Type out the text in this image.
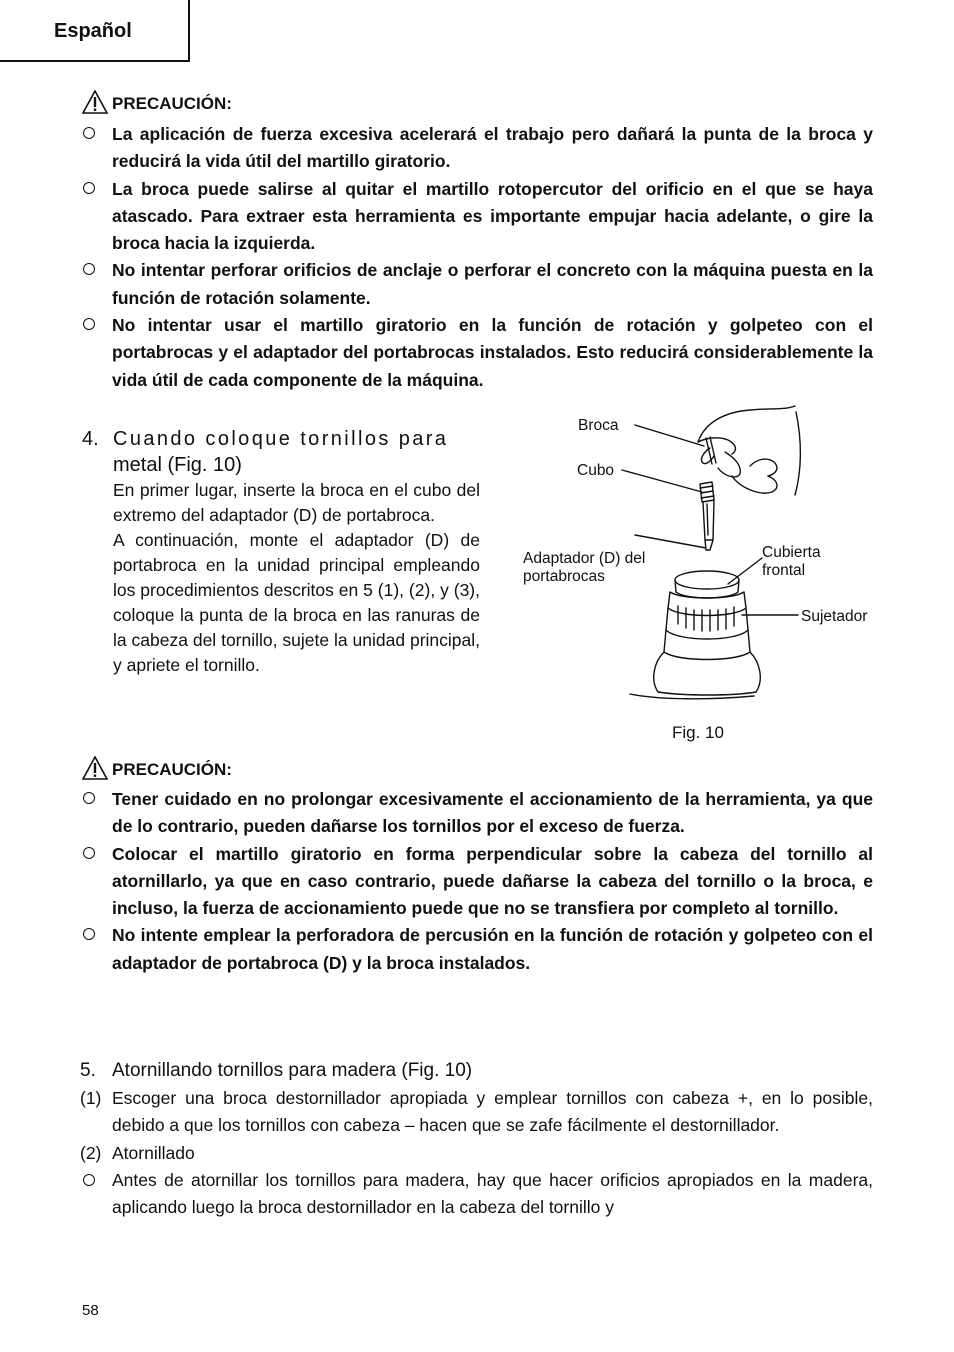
Español
PRECAUCIÓN:
La aplicación de fuerza excesiva acelerará el trabajo pero dañará la punta de la broca y reducirá la vida útil del martillo giratorio.
La broca puede salirse al quitar el martillo rotopercutor del orificio en el que se haya atascado. Para extraer esta herramienta es importante empujar hacia adelante, o gire la broca hacia la izquierda.
No intentar perforar orificios de anclaje o perforar el concreto con la máquina puesta en la función de rotación solamente.
No intentar usar el martillo giratorio en la función de rotación y golpeteo con el portabrocas y el adaptador del portabrocas instalados. Esto reducirá considerablemente la vida útil de cada componente de la máquina.
4. Cuando coloque tornillos para
metal (Fig. 10)

En primer lugar, inserte la broca en el cubo del extremo del adaptador (D) de portabroca.

A continuación, monte el adaptador (D) de portabroca en la unidad principal empleando los procedimientos descritos en 5 (1), (2), y (3), coloque la punta de la broca en las ranuras de la cabeza del tornillo, sujete la unidad principal, y apriete el tornillo.

Broca
Cubo
Adaptador (D) del portabrocas
Cubierta frontal
Sujetador
Fig. 10
PRECAUCIÓN:
Tener cuidado en no prolongar excesivamente el accionamiento de la herramienta, ya que de lo contrario, pueden dañarse los tornillos por el exceso de fuerza.
Colocar el martillo giratorio en forma perpendicular sobre la cabeza del tornillo al atornillarlo, ya que en caso contrario, puede dañarse la cabeza del tornillo o la broca, e incluso, la fuerza de accionamiento puede que no se transfiera por completo al tornillo.
No intente emplear la perforadora de percusión en la función de rotación y golpeteo con el adaptador de portabroca (D) y la broca instalados.
5. Atornillando tornillos para madera (Fig. 10)
(1) Escoger una broca destornillador apropiada y emplear tornillos con cabeza +, en lo posible, debido a que los tornillos con cabeza – hacen que se zafe fácilmente el destornillador.
(2) Atornillado
Antes de atornillar los tornillos para madera, hay que hacer orificios apropiados en la madera, aplicando luego la broca destornillador en la cabeza del tornillo y
58
